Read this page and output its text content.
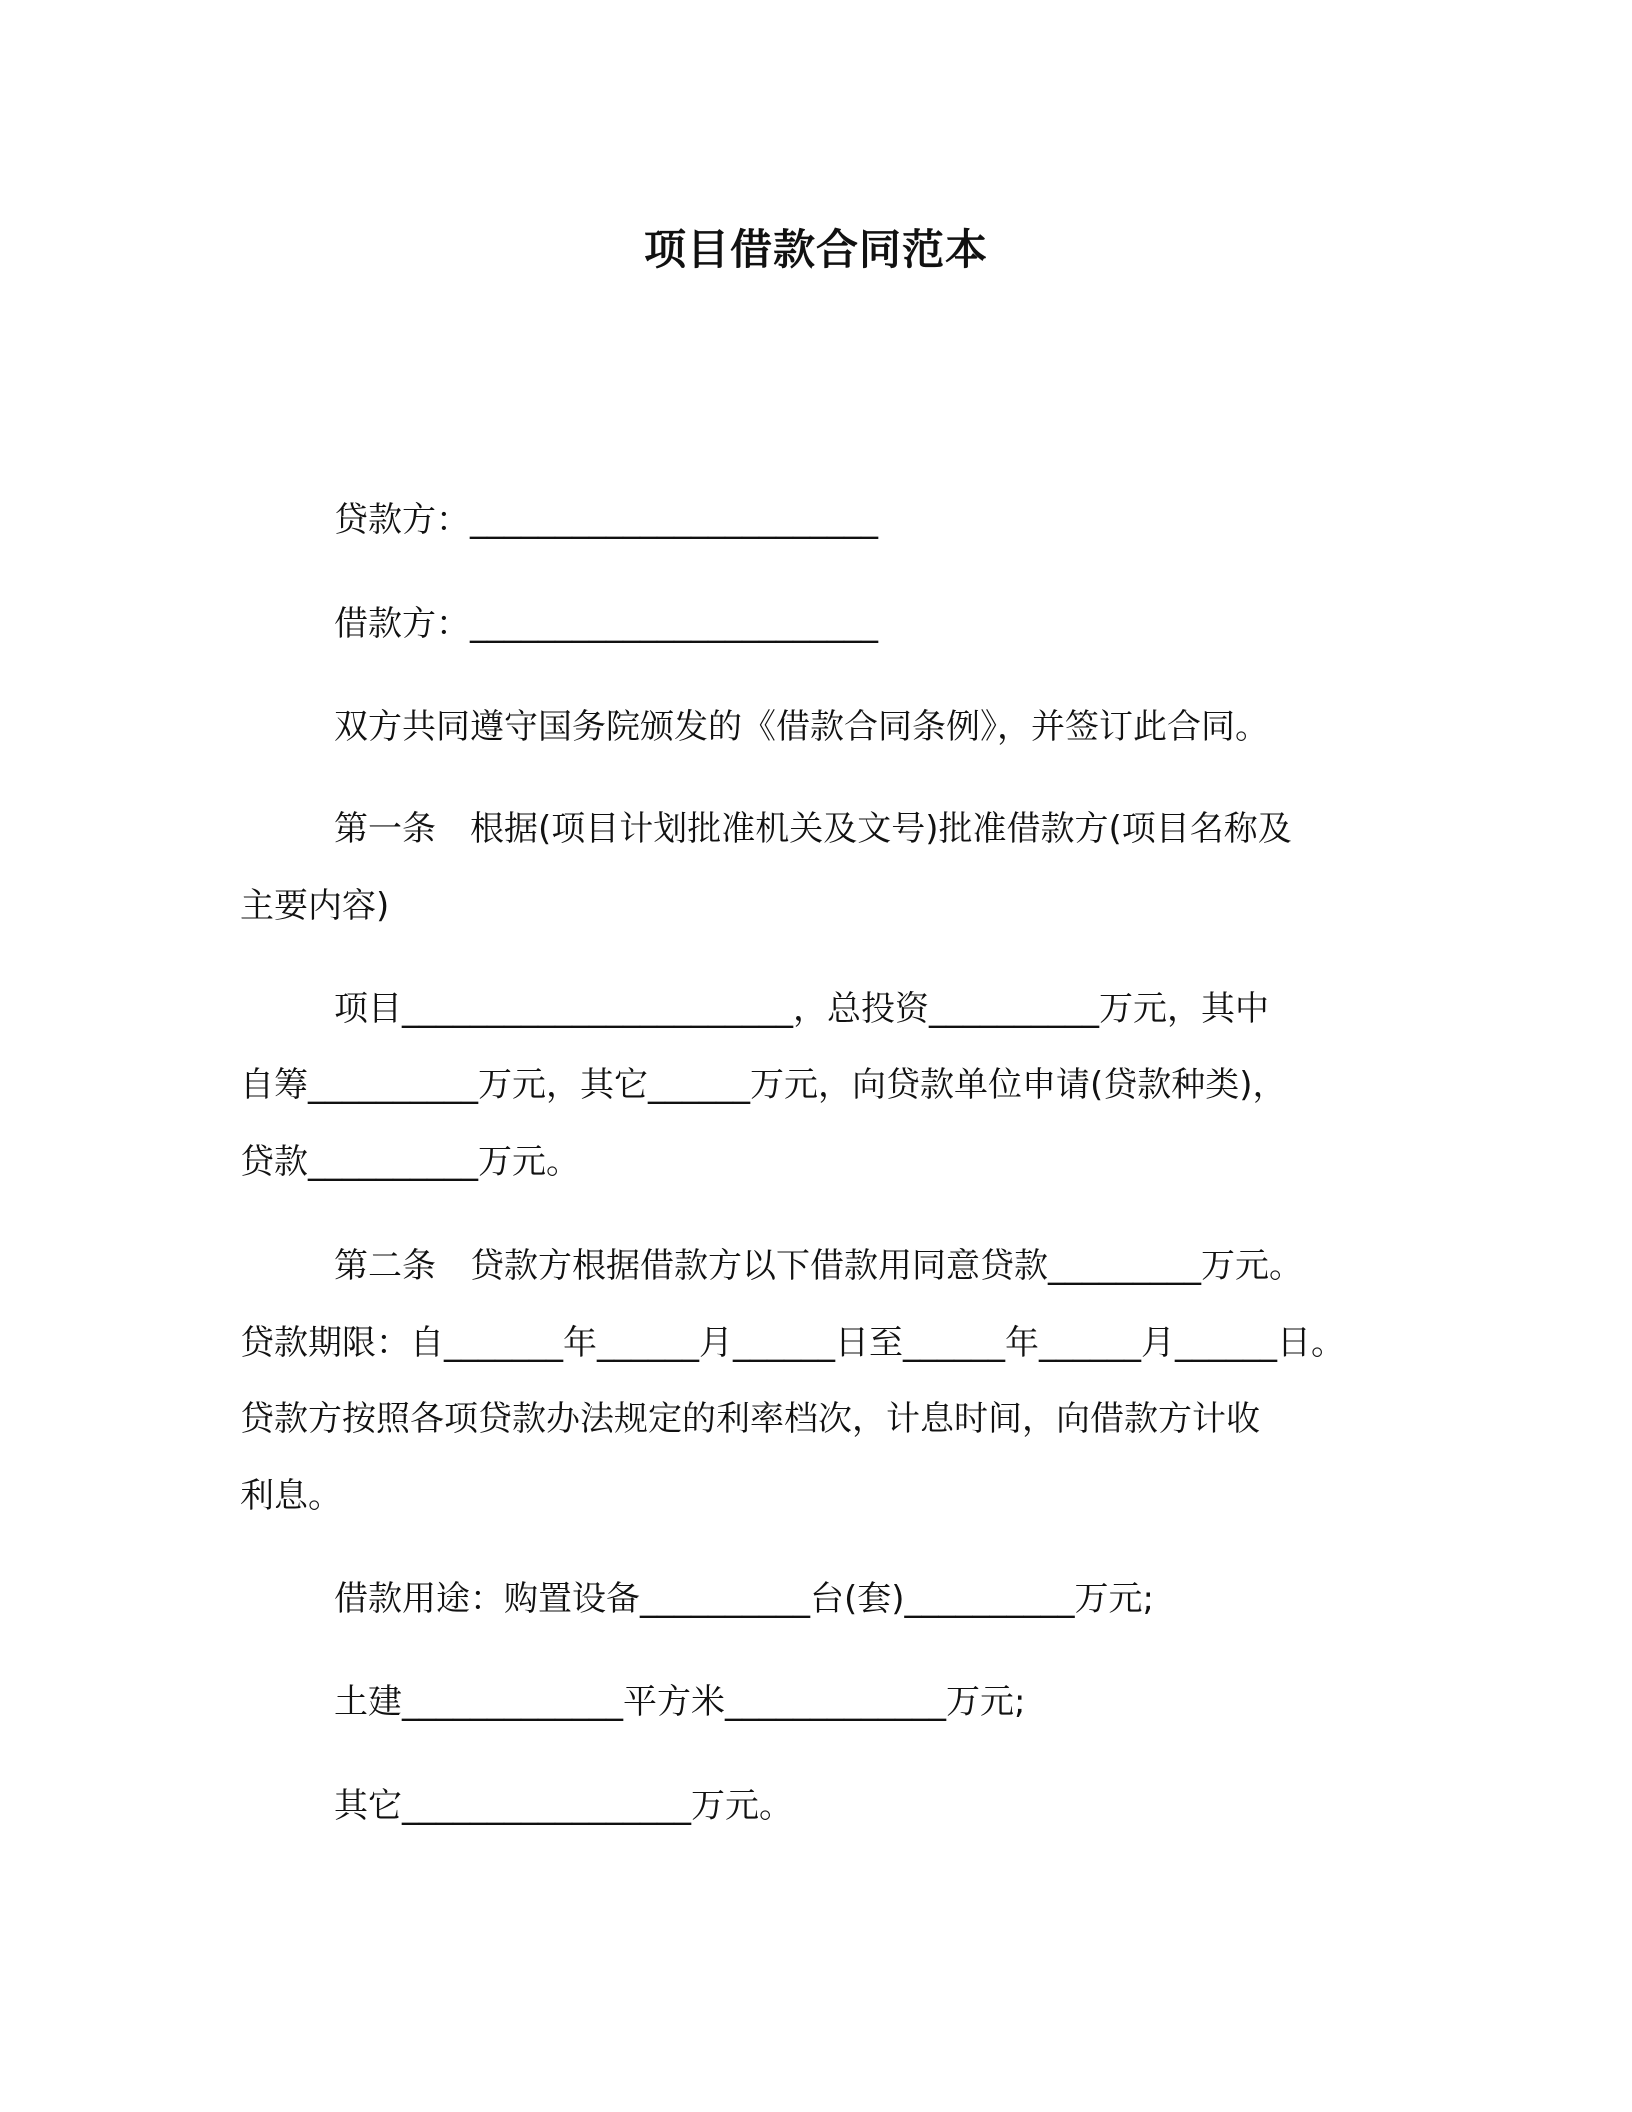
项目借款合同范本
贷款方：________________________
借款方：________________________
双方共同遵守国务院颁发的《借款合同条例》，并签订此合同。
第一条　根据(项目计划批准机关及文号)批准借款方(项目名称及
主要内容)
项目_______________________，总投资__________万元，其中
自筹__________万元，其它______万元，向贷款单位申请(贷款种类)，
贷款__________万元。
第二条　贷款方根据借款方以下借款用同意贷款_________万元。
贷款期限：自_______年______月______日至______年______月______日。
贷款方按照各项贷款办法规定的利率档次，计息时间，向借款方计收
利息。
借款用途：购置设备__________台(套)__________万元;
土建_____________平方米_____________万元;
其它_________________万元。
